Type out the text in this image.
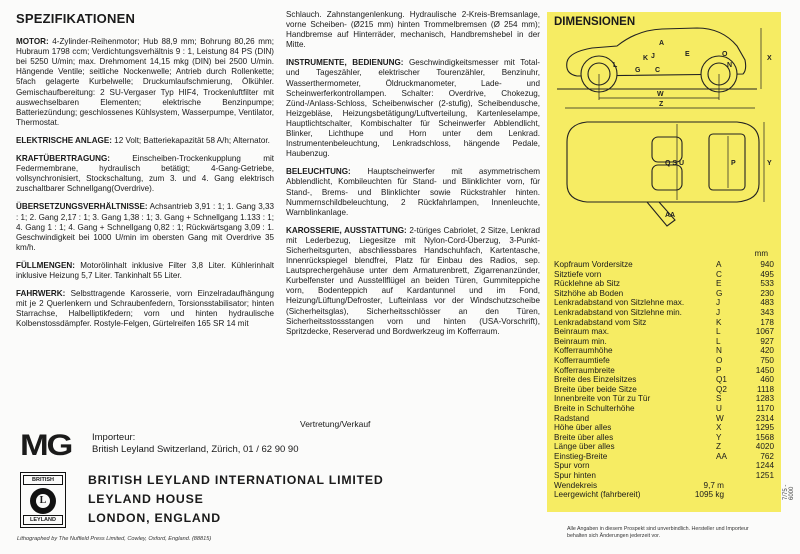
SPEZIFIKATIONEN

MOTOR: 4-Zylinder-Reihenmotor; Hub 88,9 mm; Bohrung 80,26 mm; Hubraum 1798 ccm; Verdichtungsverhältnis 9 : 1, Leistung 84 PS (DIN) bei 5250 U/min; max. Drehmoment 14,15 mkg (DIN) bei 2500 U/min. Hängende Ventile; seitliche Nockenwelle; Antrieb durch Rollenkette; 5fach gelagerte Kurbelwelle; Druckumlaufschmierung, Ölkühler. Gemischaufbereitung: 2 SU-Vergaser Typ HIF4, Trockenluftfilter mit auswechselbaren Elementen; elektrische Benzinpumpe; Batteriezündung; geschlossenes Kühlsystem, Wasserpumpe, Ventilator, Thermostat.

ELEKTRISCHE ANLAGE: 12 Volt; Batteriekapazität 58 A/h; Alternator.

KRAFTÜBERTRAGUNG: Einscheiben-Trockenkupplung mit Federmembrane, hydraulisch betätigt; 4-Gang-Getriebe, vollsynchronisiert, Stockschaltung, zum 3. und 4. Gang elektrisch zuschaltbarer Schnellgang(Overdrive).

ÜBERSETZUNGSVERHÄLTNISSE: Achsantrieb 3,91 : 1; 1. Gang 3,33 : 1; 2. Gang 2,17 : 1; 3. Gang 1,38 : 1; 3. Gang + Schnellgang 1.133 : 1; 4. Gang 1 : 1; 4. Gang + Schnellgang 0,82 : 1; Rückwärtsgang 3,09 : 1. Geschwindigkeit bei 1000 U/min im obersten Gang mit Overdrive 35 km/h.

FÜLLMENGEN: Motorölinhalt inklusive Filter 3,8 Liter. Kühlerinhalt inklusive Heizung 5,7 Liter. Tankinhalt 55 Liter.

FAHRWERK: Selbsttragende Karosserie, vorn Einzelradaufhängung mit je 2 Querlenkern und Schraubenfedern, Torsionsstabilisator; hinten Starrachse, Halbelliptikfedern; vorn und hinten hydraulische Kolbenstossdämpfer. Rostyle-Felgen, Gürtelreifen 165 SR 14 mit

Schlauch. Zahnstangenlenkung. Hydraulische 2-Kreis-Bremsanlage, vorne Scheiben- (Ø215 mm) hinten Trommelbremsen (Ø 254 mm); Handbremse auf Hinterräder, mechanisch, Handbremshebel in der Mitte.

INSTRUMENTE, BEDIENUNG: Geschwindigkeitsmesser mit Total- und Tageszähler, elektrischer Tourenzähler, Benzinuhr, Wasserthermometer, Öldruckmanometer, Lade- und Scheinwerferkontrollampen. Schalter: Overdrive, Chokezug, Zünd-/Anlass-Schloss, Scheibenwischer (2-stufig), Scheibendusche, Heizgebläse, Heizungsbetätigung/Luftverteilung, Kartenleselampe, Hauptlichtschalter, Kombischalter für Scheinwerfer Abblendlicht, Blinker, Lichthupe und Horn unter dem Lenkrad. Instrumentenbeleuchtung, Lenkradschloss, hängende Pedale, Haubenzug.

BELEUCHTUNG: Hauptscheinwerfer mit asymmetrischem Abblendlicht, Kombileuchten für Stand- und Blinklichter vorn, für Stand-, Brems- und Blinklichter sowie Rückstrahler hinten. Nummernschildbeleuchtung, 2 Rückfahrlampen, Innenleuchte, Warnblinkanlage.

KAROSSERIE, AUSSTATTUNG: 2-türiges Cabriolet, 2 Sitze, Lenkrad mit Lederbezug, Liegesitze mit Nylon-Cord-Überzug, 3-Punkt-Sicherheitsgurten, abschliessbares Handschuhfach, Kartentasche, Innenrückspiegel blendfrei, Platz für Einbau des Radios, sep. Lautsprechergehäuse unter dem Armaturenbrett, Zigarrenanzünder, Kurbelfenster und Ausstellflügel an beiden Türen, Gummiteppiche vorn, Bodenteppich auf Kardantunnel und im Fond, Heizung/Lüftung/Defroster, Lufteinlass vor der Windschutzscheibe (Sicherheitsglas), Sicherheitsschlösser an den Türen, Sicherheitsstossstangen vorn und hinten (USA-Vorschrift), Spritzdecke, Reserverad und Bordwerkzeug im Kofferraum.

A
E
K J
L
G C
O
N
X
W
Z
Q S U	P	Y
AA
DIMENSIONEN
mm
Kopfraum Vordersitze	A	940
Sitztiefe vorn	C	495
Rücklehne ab Sitz	E	533
Sitzhöhe ab Boden	G	230
Lenkradabstand von Sitzlehne max.	J	483
Lenkradabstand von Sitzlehne min.	J	343
Lenkradabstand vom Sitz	K	178
Beinraum max.	L	1067
Beinraum min.	L	927
Kofferraumhöhe	N	420
Kofferraumtiefe	O	750
Kofferraumbreite	P	1450
Breite des Einzelsitzes	Q1	460
Breite über beide Sitze	Q2	1118
Innenbreite von Tür zu Tür	S	1283
Breite in Schulterhöhe	U	1170
Radstand	W	2314
Höhe über alles	X	1295
Breite über alles	Y	1568
Länge über alles	Z	4020
Einstieg-Breite	AA	762
Spur vorn	1244
Spur hinten	1251
Wendekreis	9,7 m
Leergewicht (fahrbereit)	1095 kg
Alle Angaben in diesem Prospekt sind unverbindlich. Hersteller und Importeur behalten sich Änderungen jederzeit vor.
7/75 - 6000
Vertretung/Verkauf
MG Importeur:
British Leyland Switzerland, Zürich, 01 / 62 90 90
BRITISH
L
LEYLAND
BRITISH LEYLAND INTERNATIONAL LIMITED
LEYLAND HOUSE
LONDON, ENGLAND
Lithographed by The Nuffield Press Limited, Cowley, Oxford, England. (88815)
